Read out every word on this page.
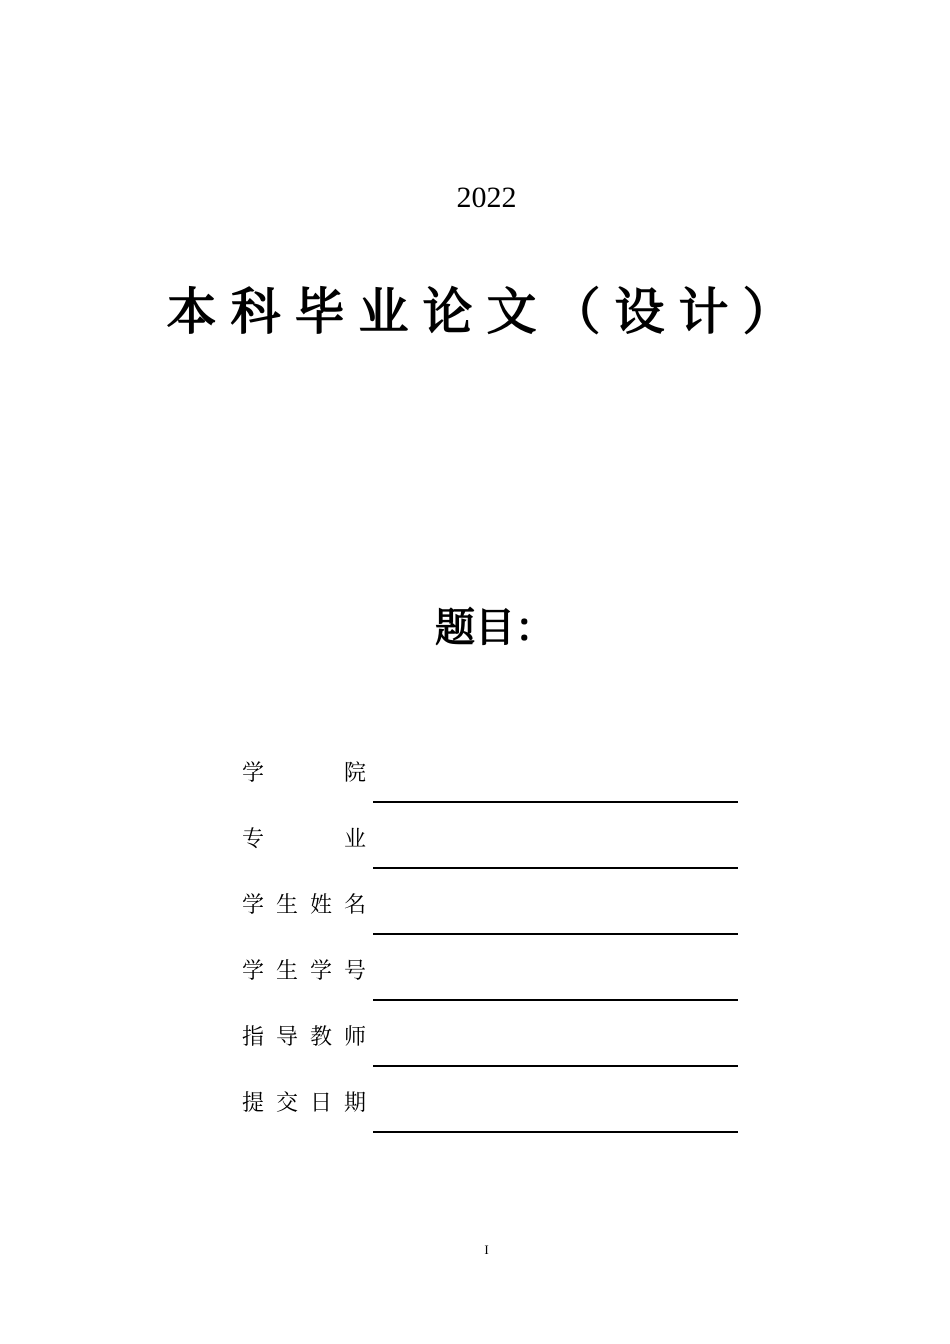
2022
本科毕业论文（设计）
题目：
学 院
专 业
学 生 姓 名
学 生 学 号
指 导 教 师
提 交 日 期
I
